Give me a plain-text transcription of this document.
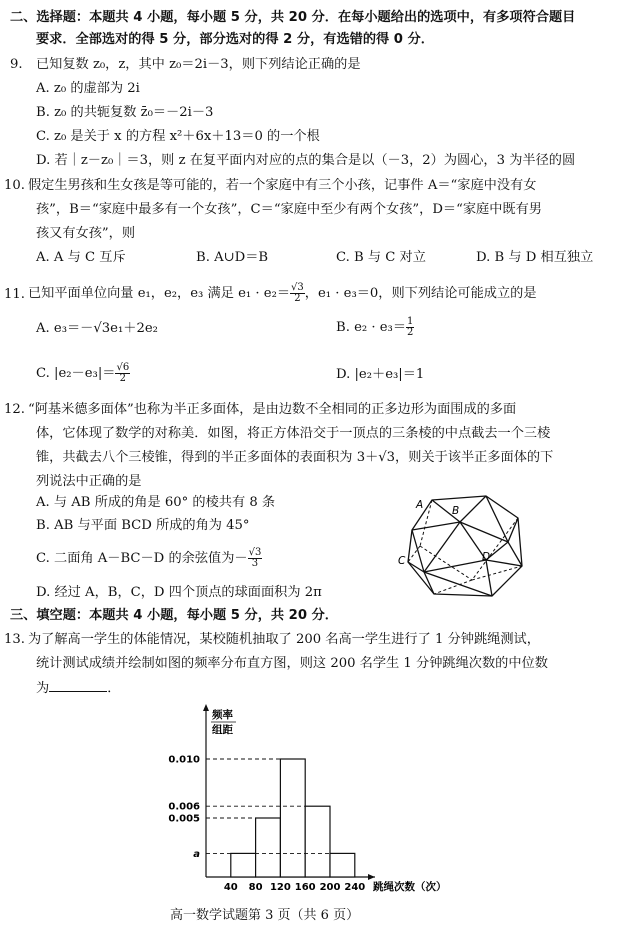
二、选择题：本题共 4 小题，每小题 5 分，共 20 分．在每小题给出的选项中，有多项符合题目
要求．全部选对的得 5 分，部分选对的得 2 分，有选错的得 0 分．
9. 已知复数 z₀，z，其中 z₀＝2i－3，则下列结论正确的是
A. z₀ 的虚部为 2i
B. z₀ 的共轭复数 z̄₀＝－2i－3
C. z₀ 是关于 x 的方程 x²＋6x＋13＝0 的一个根
D. 若｜z－z₀｜＝3，则 z 在复平面内对应的点的集合是以（－3，2）为圆心，3 为半径的圆
10. 假定生男孩和生女孩是等可能的，若一个家庭中有三个小孩，记事件 A＝“家庭中没有女
孩”，B＝“家庭中最多有一个女孩”，C＝“家庭中至少有两个女孩”，D＝“家庭中既有男
孩又有女孩”，则
A. A 与 C 互斥	B. A∪D＝B	C. B 与 C 对立	D. B 与 D 相互独立
11. 已知平面单位向量 e₁，e₂，e₃ 满足 $e_1 \cdot e_2= \frac{√3}{2}$ ，e₁ · e₃＝0，则下列结论可能成立的是
A. e₃＝－√3e₁＋2e₂	B. $e_2 \cdot e_3= \frac{1}{2}$
C. $|e_2-e_3|= \frac{√6}{2}$	D. |e₂＋e₃|＝1
12. “阿基米德多面体”也称为半正多面体，是由边数不全相同的正多边形为面围成的多面
体，它体现了数学的对称美．如图，将正方体沿交于一顶点的三条棱的中点截去一个三棱
锥，共截去八个三棱锥，得到的半正多面体的表面积为 3＋√3，则关于该半正多面体的下
列说法中正确的是
A. 与 AB 所成的角是 60° 的棱共有 8 条
B. AB 与平面 BCD 所成的角为 45°
C. 二面角 A－BC－D 的余弦值为－ $\frac{√3}{3}$
D. 经过 A，B，C，D 四个顶点的球面面积为 2π
A	B
C	D
三、填空题：本题共 4 小题，每小题 5 分，共 20 分．
13. 为了解高一学生的体能情况，某校随机抽取了 200 名高一学生进行了 1 分钟跳绳测试，
统计测试成绩并绘制如图的频率分布直方图，则这 200 名学生 1 分钟跳绳次数的中位数
为	．
a
0.005
0.006
0.010
40 80 120 160 200 240
频率
组距
跳绳次数（次）
高一数学试题第 3 页（共 6 页）
